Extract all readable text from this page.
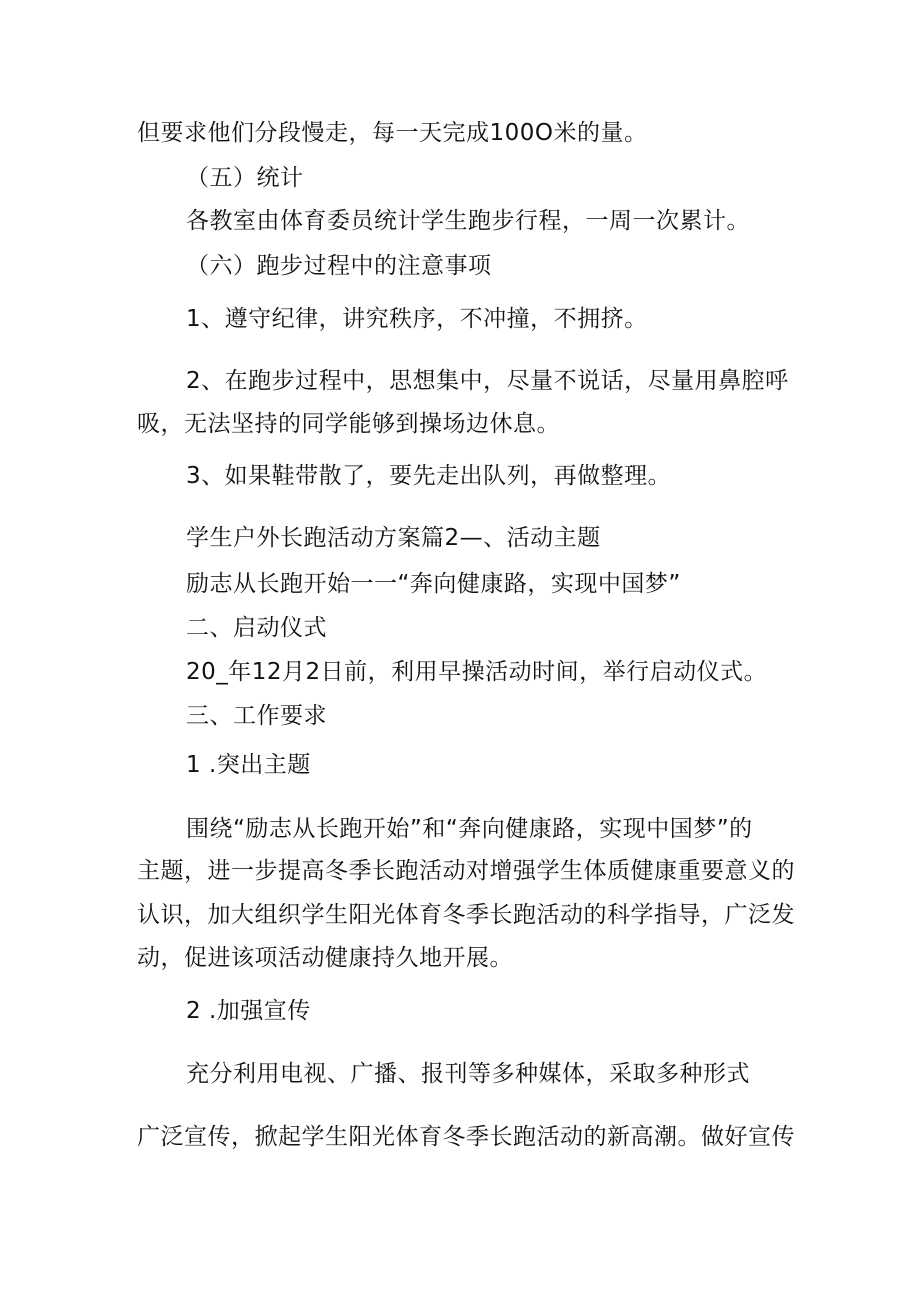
但要求他们分段慢走，每一天完成100O米的量。
（五）统计
各教室由体育委员统计学生跑步行程，一周一次累计。
（六）跑步过程中的注意事项
1、遵守纪律，讲究秩序，不冲撞，不拥挤。
2、在跑步过程中，思想集中，尽量不说话，尽量用鼻腔呼
吸，无法坚持的同学能够到操场边休息。
3、如果鞋带散了，要先走出队列，再做整理。
学生户外长跑活动方案篇2—、活动主题
励志从长跑开始一一“奔向健康路，实现中国梦”
二、启动仪式
20_年12月2日前，利用早操活动时间，举行启动仪式。
三、工作要求
1 .突出主题
围绕“励志从长跑开始”和“奔向健康路，实现中国梦”的
主题，进一步提高冬季长跑活动对增强学生体质健康重要意义的
认识，加大组织学生阳光体育冬季长跑活动的科学指导，广泛发
动，促进该项活动健康持久地开展。
2 .加强宣传
充分利用电视、广播、报刊等多种媒体，采取多种形式
广泛宣传，掀起学生阳光体育冬季长跑活动的新高潮。做好宣传
